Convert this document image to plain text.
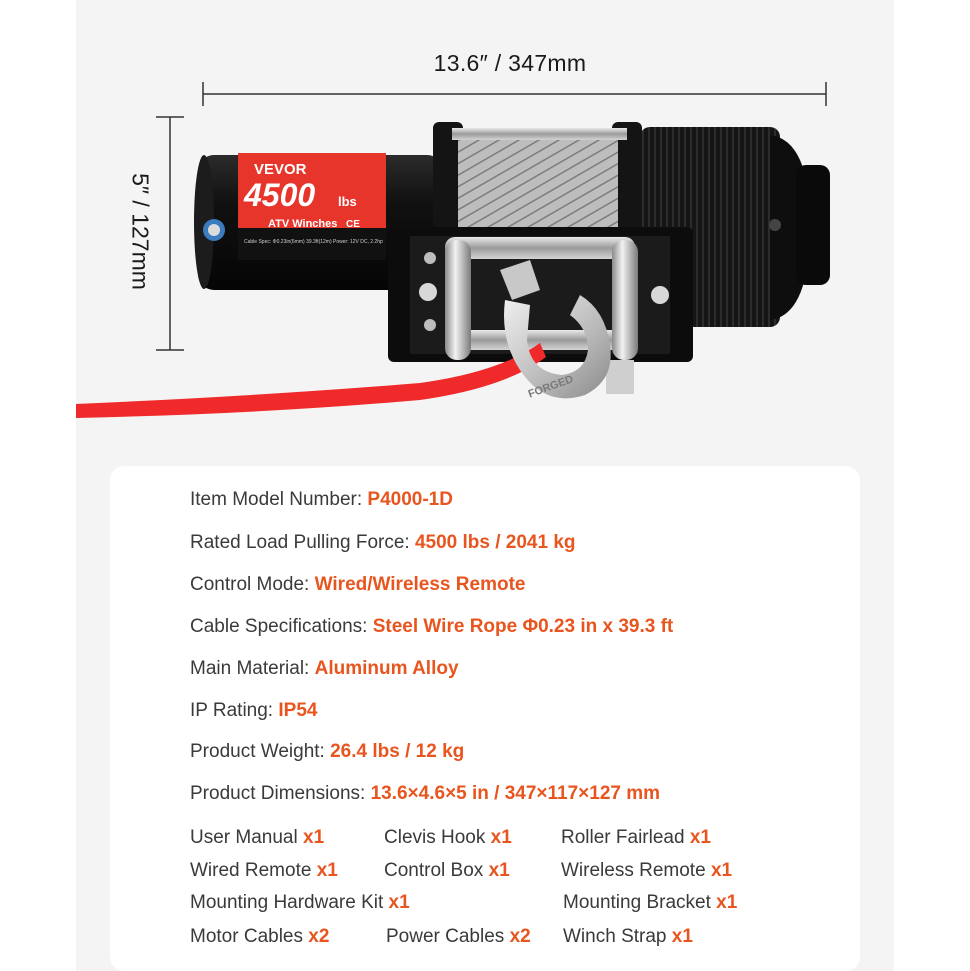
13.6″ / 347mm
5″ / 127mm
VEVOR
4500 lbs
ATV Winches CE
Cable Spec: Φ0.23in(6mm) 39.3ft(12m) Power: 12V DC, 2.2hp
FORGED
Item Model Number: P4000-1D
Rated Load Pulling Force: 4500 lbs / 2041 kg
Control Mode: Wired/Wireless Remote
Cable Specifications: Steel Wire Rope Φ0.23 in x 39.3 ft
Main Material: Aluminum Alloy
IP Rating: IP54
Product Weight: 26.4 lbs / 12 kg
Product Dimensions: 13.6×4.6×5 in / 347×117×127 mm
User Manual x1	Clevis Hook x1	Roller Fairlead x1
Wired Remote x1 Control Box x1	Wireless Remote x1
Mounting Hardware Kit x1	Mounting Bracket x1
Motor Cables x2	Power Cables x2 Winch Strap x1
